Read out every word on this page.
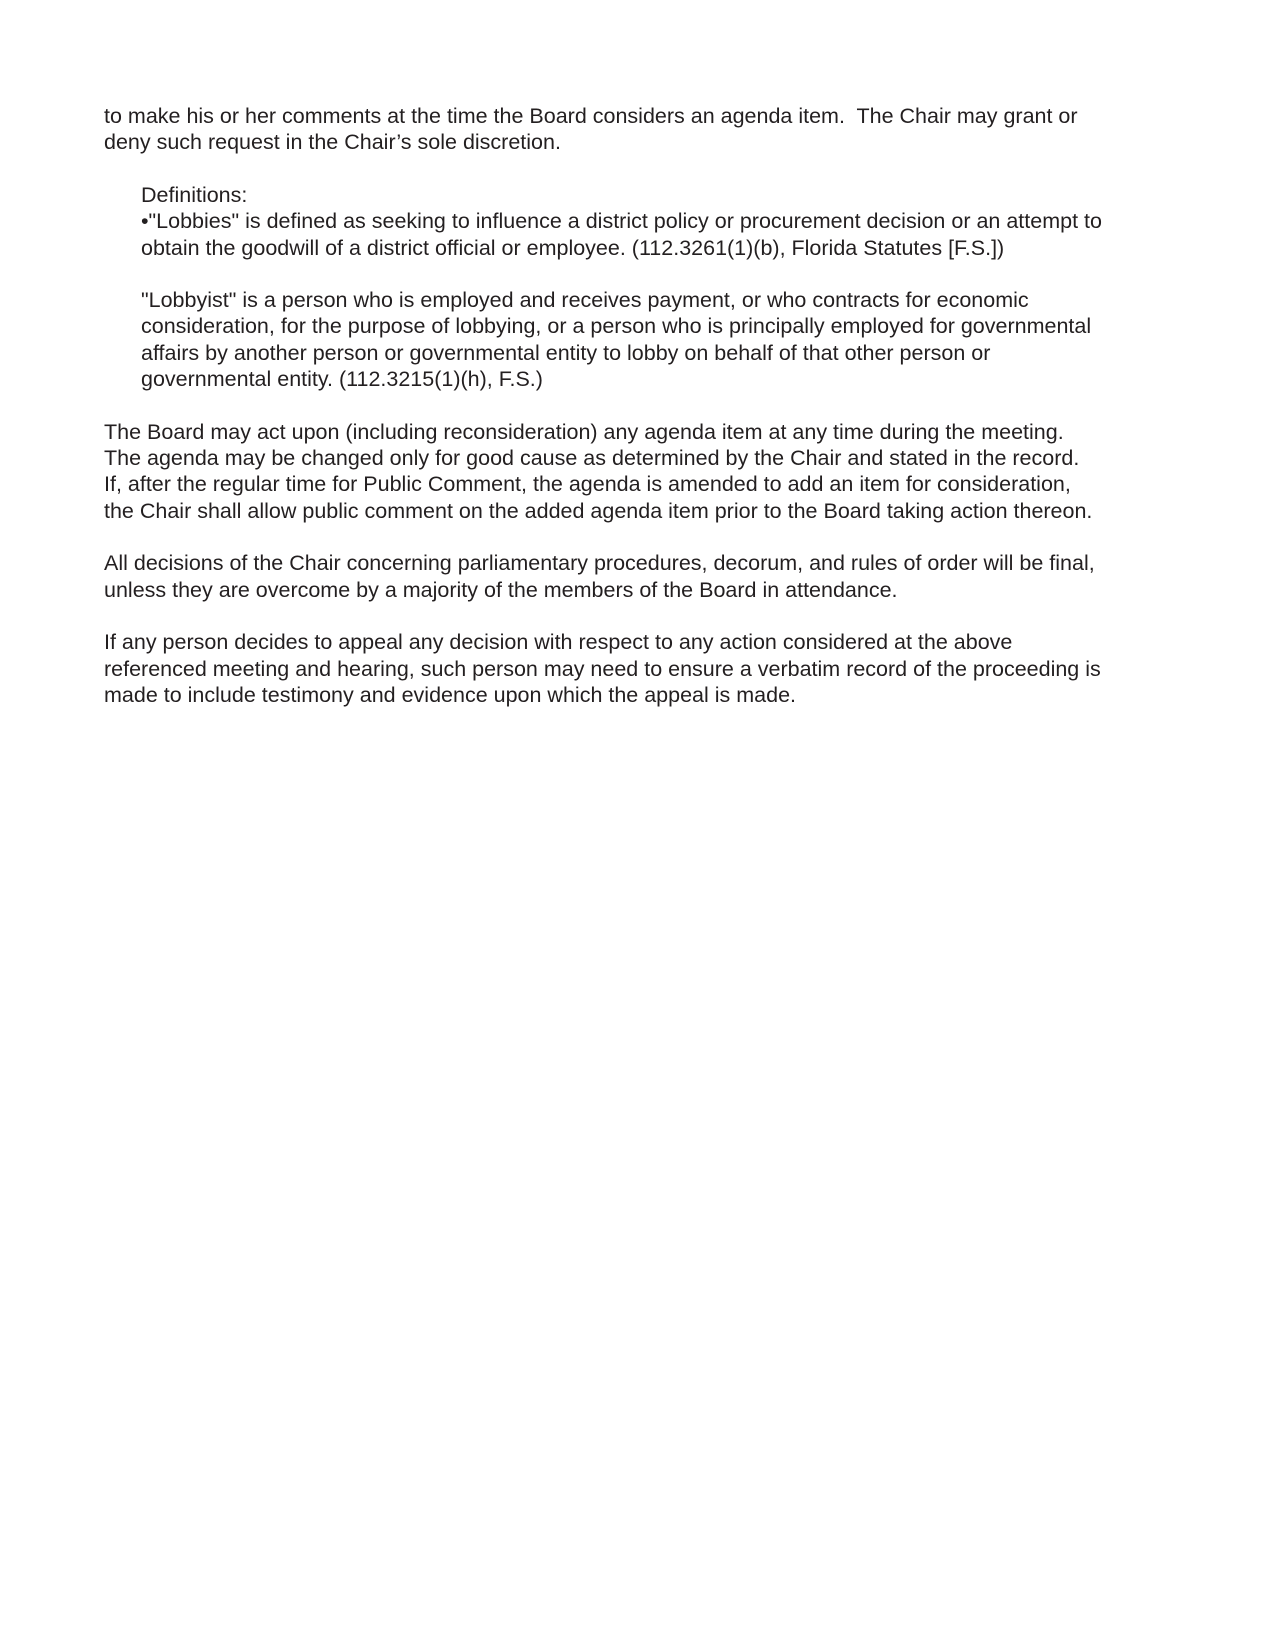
to make his or her comments at the time the Board considers an agenda item.  The Chair may grant or
deny such request in the Chair’s sole discretion.
Definitions:
•"Lobbies" is defined as seeking to influence a district policy or procurement decision or an attempt to
obtain the goodwill of a district official or employee. (112.3261(1)(b), Florida Statutes [F.S.])
"Lobbyist" is a person who is employed and receives payment, or who contracts for economic
consideration, for the purpose of lobbying, or a person who is principally employed for governmental
affairs by another person or governmental entity to lobby on behalf of that other person or
governmental entity. (112.3215(1)(h), F.S.)
The Board may act upon (including reconsideration) any agenda item at any time during the meeting.
The agenda may be changed only for good cause as determined by the Chair and stated in the record.
If, after the regular time for Public Comment, the agenda is amended to add an item for consideration,
the Chair shall allow public comment on the added agenda item prior to the Board taking action thereon.
All decisions of the Chair concerning parliamentary procedures, decorum, and rules of order will be final,
unless they are overcome by a majority of the members of the Board in attendance.
If any person decides to appeal any decision with respect to any action considered at the above
referenced meeting and hearing, such person may need to ensure a verbatim record of the proceeding is
made to include testimony and evidence upon which the appeal is made.
